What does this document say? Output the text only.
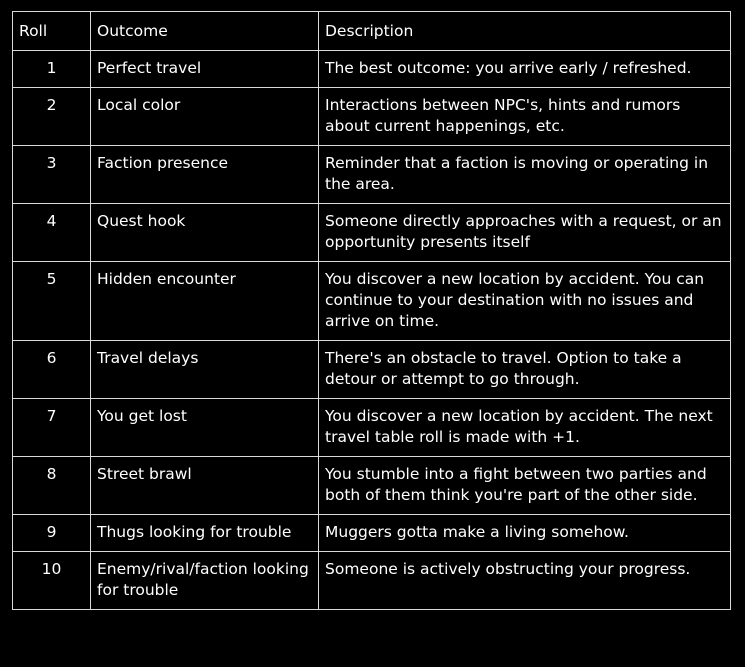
Roll	Outcome	Description
1	Perfect travel	The best outcome: you arrive early / refreshed.
2	Local color	Interactions between NPC's, hints and rumors about current happenings, etc.
3	Faction presence	Reminder that a faction is moving or operating in the area.
4	Quest hook	Someone directly approaches with a request, or an opportunity presents itself
5	Hidden encounter	You discover a new location by accident. You can continue to your destination with no issues and arrive on time.
6	Travel delays	There's an obstacle to travel. Option to take a detour or attempt to go through.
7	You get lost	You discover a new location by accident. The next travel table roll is made with +1.
8	Street brawl	You stumble into a fight between two parties and both of them think you're part of the other side.
9	Thugs looking for trouble	Muggers gotta make a living somehow.
10	Enemy/rival/faction looking for trouble	Someone is actively obstructing your progress.
